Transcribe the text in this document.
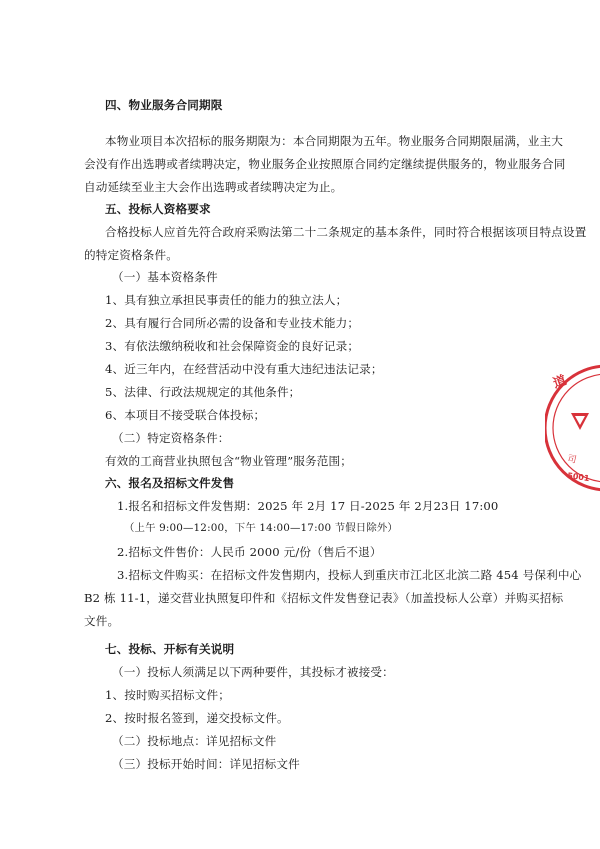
四、物业服务合同期限
本物业项目本次招标的服务期限为：本合同期限为五年。物业服务合同期限届满，业主大
会没有作出选聘或者续聘决定，物业服务企业按照原合同约定继续提供服务的，物业服务合同
自动延续至业主大会作出选聘或者续聘决定为止。
五、投标人资格要求
合格投标人应首先符合政府采购法第二十二条规定的基本条件，同时符合根据该项目特点设置
的特定资格条件。
（一）基本资格条件
1、具有独立承担民事责任的能力的独立法人；
2、具有履行合同所必需的设备和专业技术能力；
3、有依法缴纳税收和社会保障资金的良好记录；
4、近三年内，在经营活动中没有重大违纪违法记录；
5、法律、行政法规规定的其他条件；
6、本项目不接受联合体投标；
（二）特定资格条件：
有效的工商营业执照包含“物业管理”服务范围；
六、报名及招标文件发售
1.报名和招标文件发售期：2025 年 2月 17 日-2025 年 2月23日 17:00
（上午 9:00—12:00，下午 14:00—17:00 节假日除外）
2.招标文件售价：人民币 2000 元/份（售后不退）
3.招标文件购买：在招标文件发售期内，投标人到重庆市江北区北滨二路 454 号保利中心
B2 栋 11-1，递交营业执照复印件和《招标文件发售登记表》（加盖投标人公章）并购买招标
文件。
七、投标、开标有关说明
（一）投标人须满足以下两种要件，其投标才被接受：
1、按时购买招标文件；
2、按时报名签到，递交投标文件。
（二）投标地点：详见招标文件
（三）投标开始时间：详见招标文件
道
司
5001
